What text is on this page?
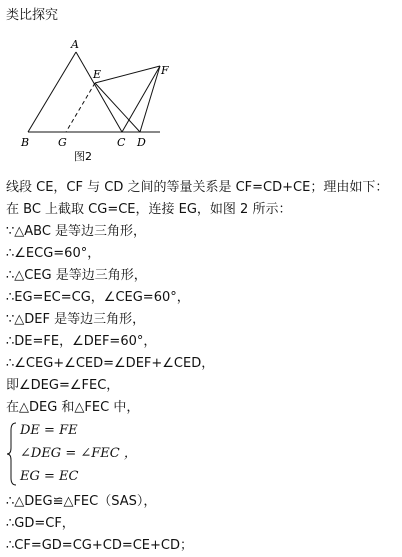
类比探究
A
B	C D
E	F
G
图2
线段 CE，CF 与 CD 之间的等量关系是 CF=CD+CE；理由如下：
在 BC 上截取 CG=CE，连接 EG，如图 2 所示：
∵△ABC 是等边三角形，
∴∠ECG=60°，
∴△CEG 是等边三角形，
∴EG=EC=CG，∠CEG=60°，
∵△DEF 是等边三角形，
∴DE=FE，∠DEF=60°，
∴∠CEG+∠CED=∠DEF+∠CED，
即∠DEG=∠FEC，
在△DEG 和△FEC 中，
DE = FE
∠DEG = ∠FEC ，
EG = EC
∴△DEG≌△FEC（SAS），
∴GD=CF，
∴CF=GD=CG+CD=CE+CD；
